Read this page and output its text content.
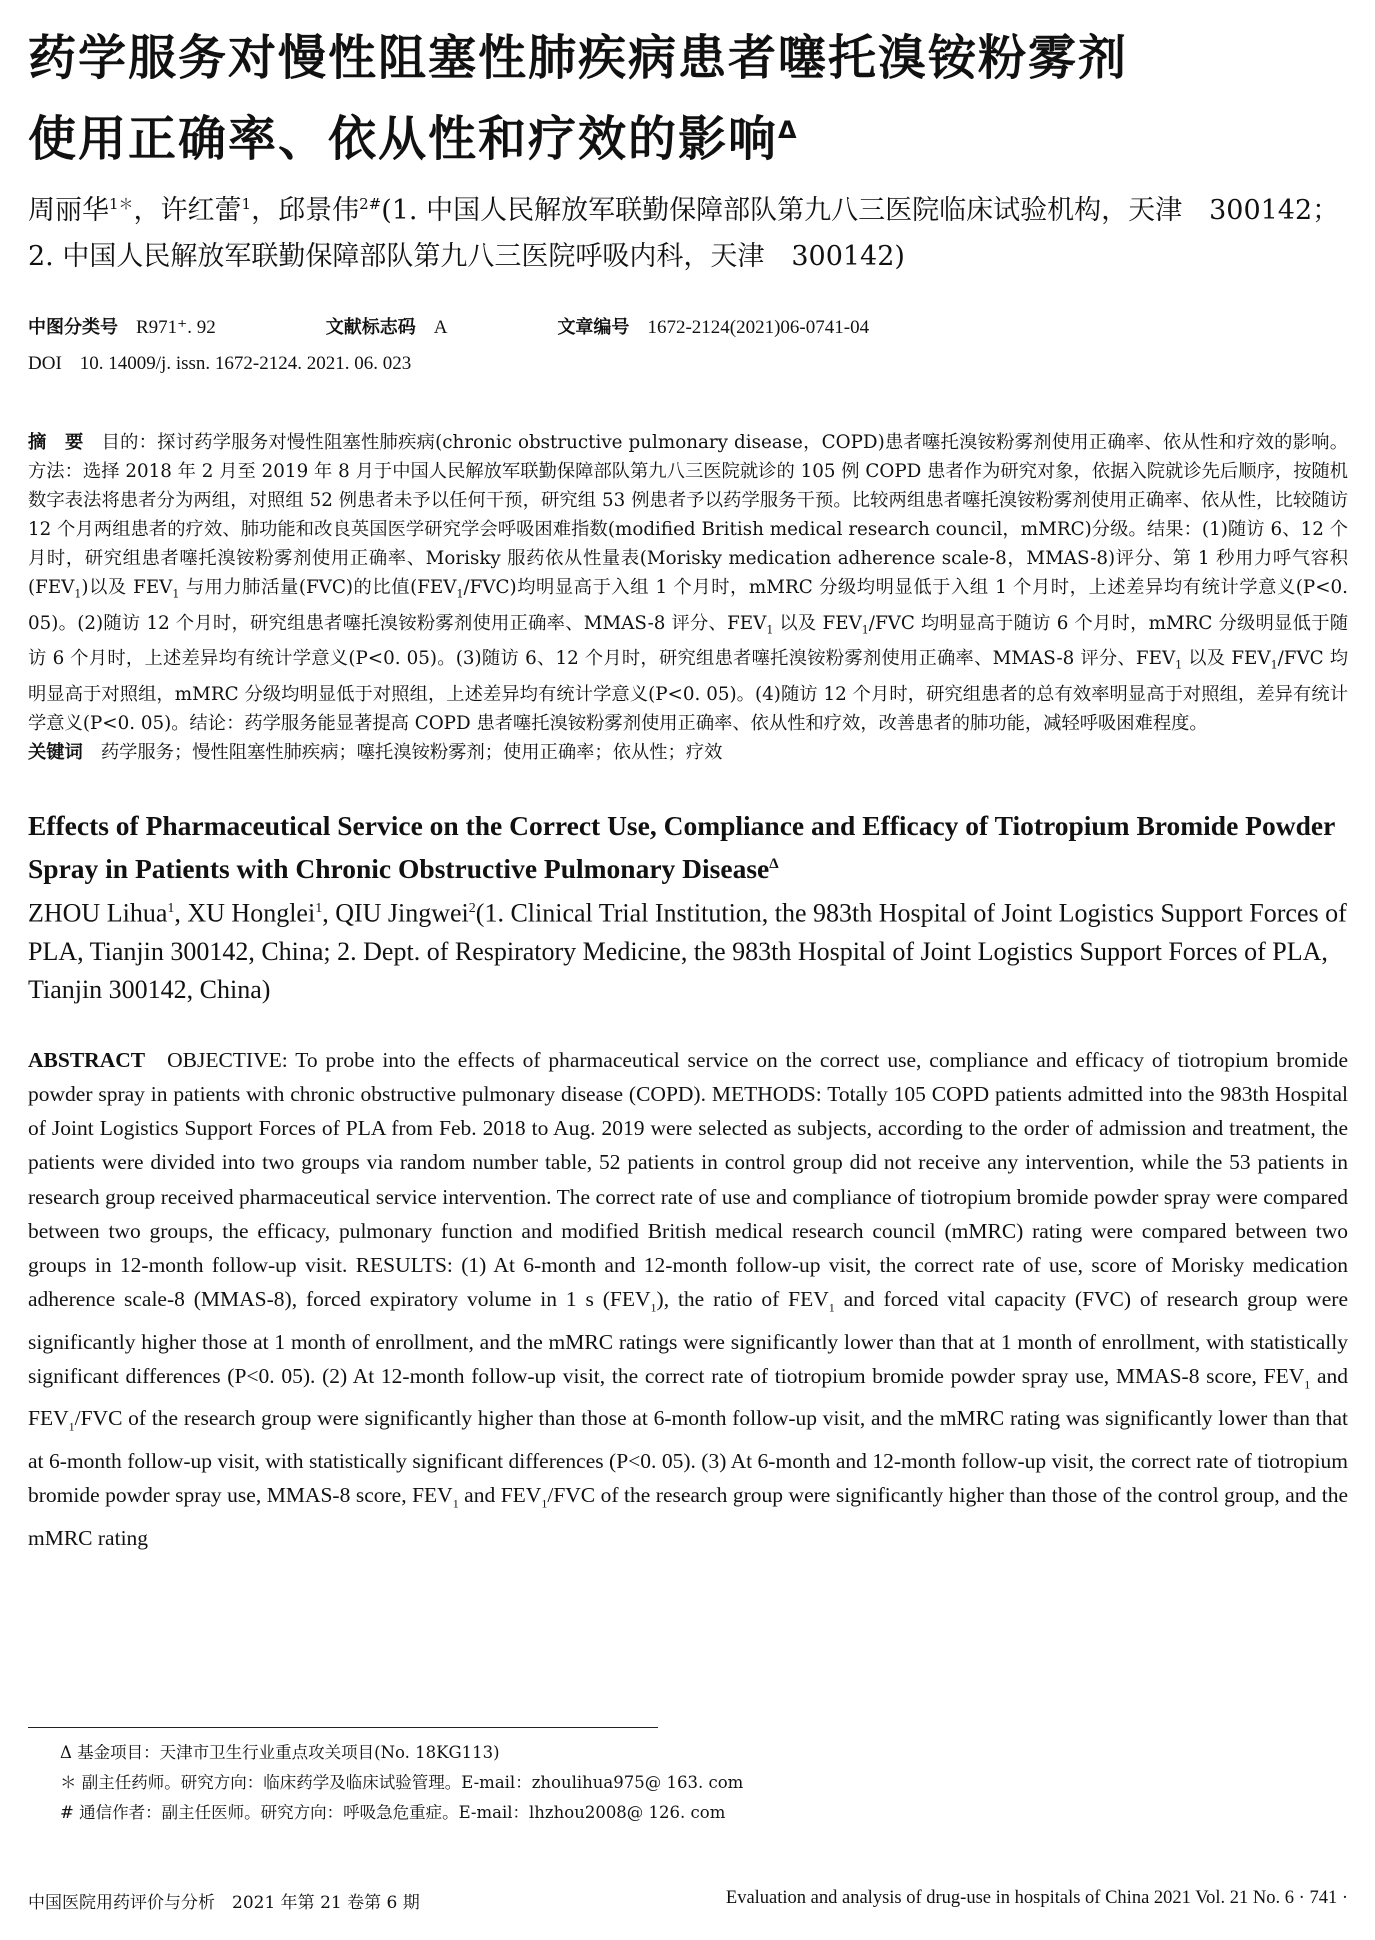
药学服务对慢性阻塞性肺疾病患者噻托溴铵粉雾剂
使用正确率、依从性和疗效的影响$^\Delta$
周丽华$^{1*}$，许红蕾$^1$，邱景伟$^{2\#}$(1. 中国人民解放军联勤保障部队第九八三医院临床试验机构，天津　300142；
2. 中国人民解放军联勤保障部队第九八三医院呼吸内科，天津　300142)
中图分类号 R971⁺. 92	文献标志码 A	文章编号 1672-2124(2021)06-0741-04
DOI 10. 14009/j. issn. 1672-2124. 2021. 06. 023
摘　要 目的：探讨药学服务对慢性阻塞性肺疾病(chronic obstructive pulmonary disease，COPD)患者噻托溴铵粉雾剂使用正确率、依从性和疗效的影响。方法：选择 2018 年 2 月至 2019 年 8 月于中国人民解放军联勤保障部队第九八三医院就诊的 105 例 COPD 患者作为研究对象，依据入院就诊先后顺序，按随机数字表法将患者分为两组，对照组 52 例患者未予以任何干预，研究组 53 例患者予以药学服务干预。比较两组患者噻托溴铵粉雾剂使用正确率、依从性，比较随访 12 个月两组患者的疗效、肺功能和改良英国医学研究学会呼吸困难指数(modified British medical research council，mMRC)分级。结果：(1)随访 6、12 个月时，研究组患者噻托溴铵粉雾剂使用正确率、Morisky 服药依从性量表(Morisky medication adherence scale-8，MMAS-8)评分、第 1 秒用力呼气容积$(FEV_1)$以及 $FEV_1$ 与用力肺活量(FVC)的比值$(FEV_1/FVC)$均明显高于入组 1 个月时，mMRC 分级均明显低于入组 1 个月时，上述差异均有统计学意义(P<0. 05)。(2)随访 12 个月时，研究组患者噻托溴铵粉雾剂使用正确率、MMAS-8 评分、$FEV_1$ 以及 $FEV_1$/FVC 均明显高于随访 6 个月时，mMRC 分级明显低于随访 6 个月时，上述差异均有统计学意义(P<0. 05)。(3)随访 6、12 个月时，研究组患者噻托溴铵粉雾剂使用正确率、MMAS-8 评分、$FEV_1$ 以及 $FEV_1$/FVC 均明显高于对照组，mMRC 分级均明显低于对照组，上述差异均有统计学意义(P<0. 05)。(4)随访 12 个月时，研究组患者的总有效率明显高于对照组，差异有统计学意义(P<0. 05)。结论：药学服务能显著提高 COPD 患者噻托溴铵粉雾剂使用正确率、依从性和疗效，改善患者的肺功能，减轻呼吸困难程度。
关键词 药学服务；慢性阻塞性肺疾病；噻托溴铵粉雾剂；使用正确率；依从性；疗效
Effects of Pharmaceutical Service on the Correct Use, Compliance and Efficacy of Tiotropium Bromide Powder Spray in Patients with Chronic Obstructive Pulmonary Disease$^\Delta$
ZHOU Lihua$^1$, XU Honglei$^1$, QIU Jingwei$^2$(1. Clinical Trial Institution, the 983th Hospital of Joint Logistics Support Forces of PLA, Tianjin 300142, China; 2. Dept. of Respiratory Medicine, the 983th Hospital of Joint Logistics Support Forces of PLA, Tianjin 300142, China)
ABSTRACT OBJECTIVE: To probe into the effects of pharmaceutical service on the correct use, compliance and efficacy of tiotropium bromide powder spray in patients with chronic obstructive pulmonary disease (COPD). METHODS: Totally 105 COPD patients admitted into the 983th Hospital of Joint Logistics Support Forces of PLA from Feb. 2018 to Aug. 2019 were selected as subjects, according to the order of admission and treatment, the patients were divided into two groups via random number table, 52 patients in control group did not receive any intervention, while the 53 patients in research group received pharmaceutical service intervention. The correct rate of use and compliance of tiotropium bromide powder spray were compared between two groups, the efficacy, pulmonary function and modified British medical research council (mMRC) rating were compared between two groups in 12-month follow-up visit. RESULTS: (1) At 6-month and 12-month follow-up visit, the correct rate of use, score of Morisky medication adherence scale-8 (MMAS-8), forced expiratory volume in 1 s $(FEV_1)$, the ratio of $FEV_1$ and forced vital capacity (FVC) of research group were significantly higher those at 1 month of enrollment, and the mMRC ratings were significantly lower than that at 1 month of enrollment, with statistically significant differences (P<0. 05). (2) At 12-month follow-up visit, the correct rate of tiotropium bromide powder spray use, MMAS-8 score, $FEV_1$ and $FEV_1$/FVC of the research group were significantly higher than those at 6-month follow-up visit, and the mMRC rating was significantly lower than that at 6-month follow-up visit, with statistically significant differences (P<0. 05). (3) At 6-month and 12-month follow-up visit, the correct rate of tiotropium bromide powder spray use, MMAS-8 score, $FEV_1$ and $FEV_1$/FVC of the research group were significantly higher than those of the control group, and the mMRC rating
Δ 基金项目：天津市卫生行业重点攻关项目(No. 18KG113)
＊ 副主任药师。研究方向：临床药学及临床试验管理。E-mail：zhoulihua975@ 163. com
# 通信作者：副主任医师。研究方向：呼吸急危重症。E-mail：lhzhou2008@ 126. com
中国医院用药评价与分析　2021 年第 21 卷第 6 期	Evaluation and analysis of drug-use in hospitals of China 2021 Vol. 21 No. 6 · 741 ·
